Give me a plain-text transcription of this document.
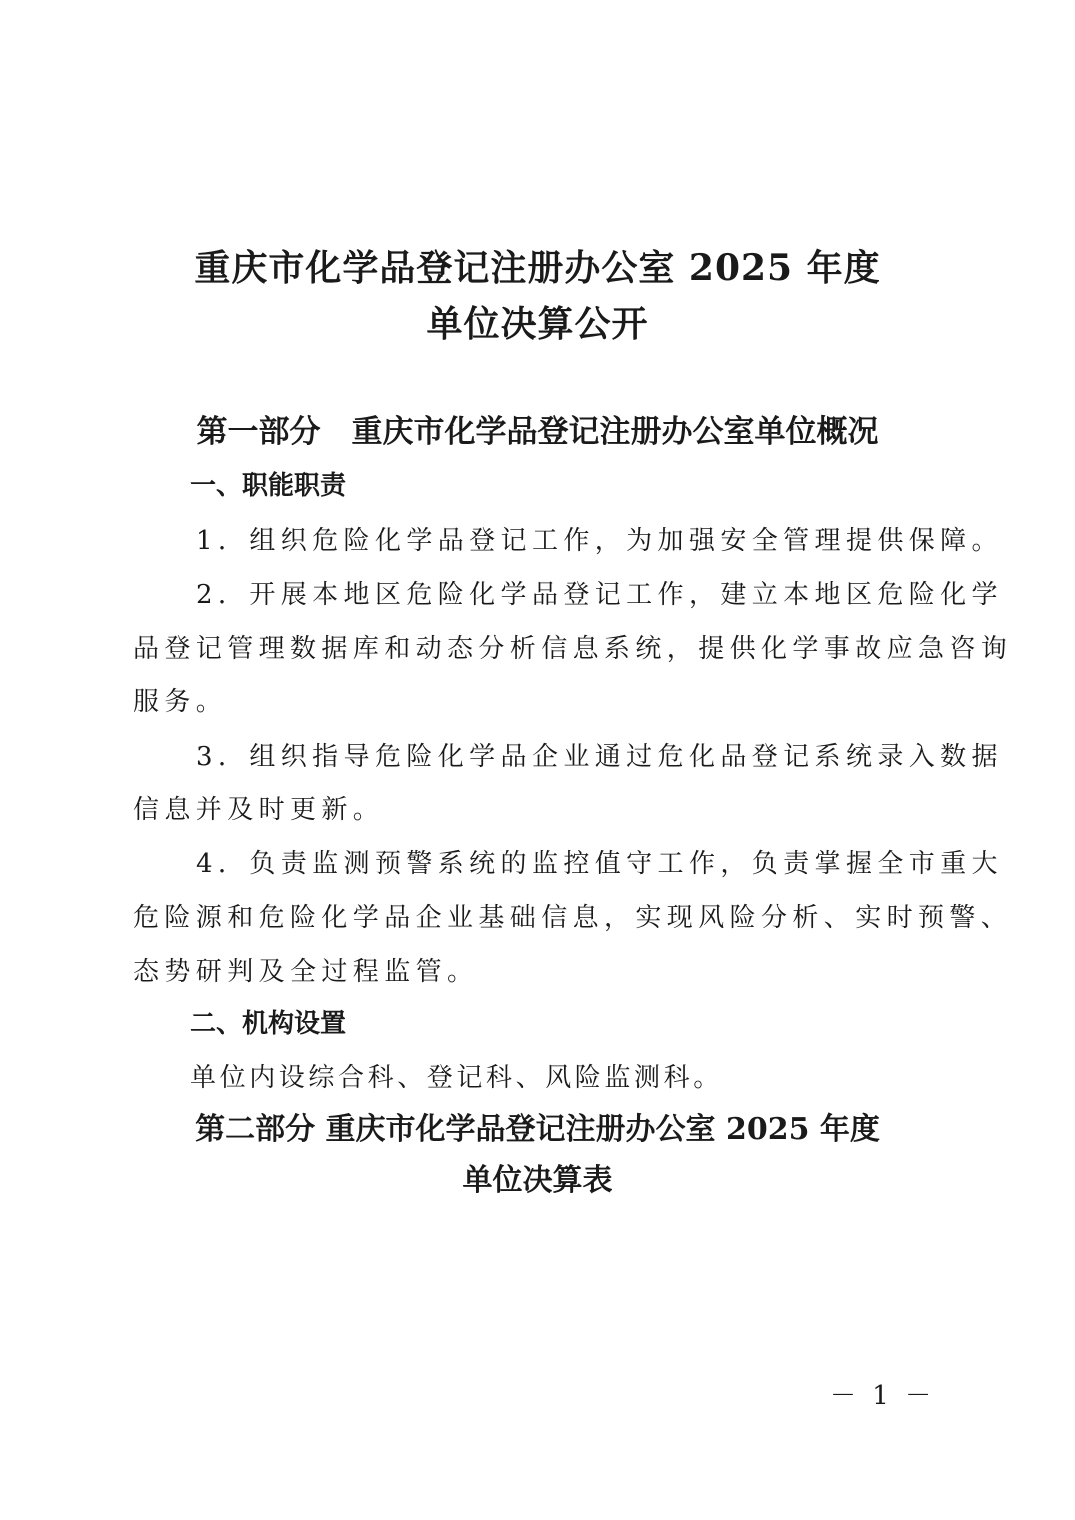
重庆市化学品登记注册办公室 2025 年度
单位决算公开
第一部分　重庆市化学品登记注册办公室单位概况
一、职能职责
1．组织危险化学品登记工作，为加强安全管理提供保障。
2．开展本地区危险化学品登记工作，建立本地区危险化学
品登记管理数据库和动态分析信息系统，提供化学事故应急咨询
服务。
3．组织指导危险化学品企业通过危化品登记系统录入数据
信息并及时更新。
4．负责监测预警系统的监控值守工作，负责掌握全市重大
危险源和危险化学品企业基础信息，实现风险分析、实时预警、
态势研判及全过程监管。
二、机构设置
单位内设综合科、登记科、风险监测科。
第二部分 重庆市化学品登记注册办公室 2025 年度
单位决算表
－ 1 －
